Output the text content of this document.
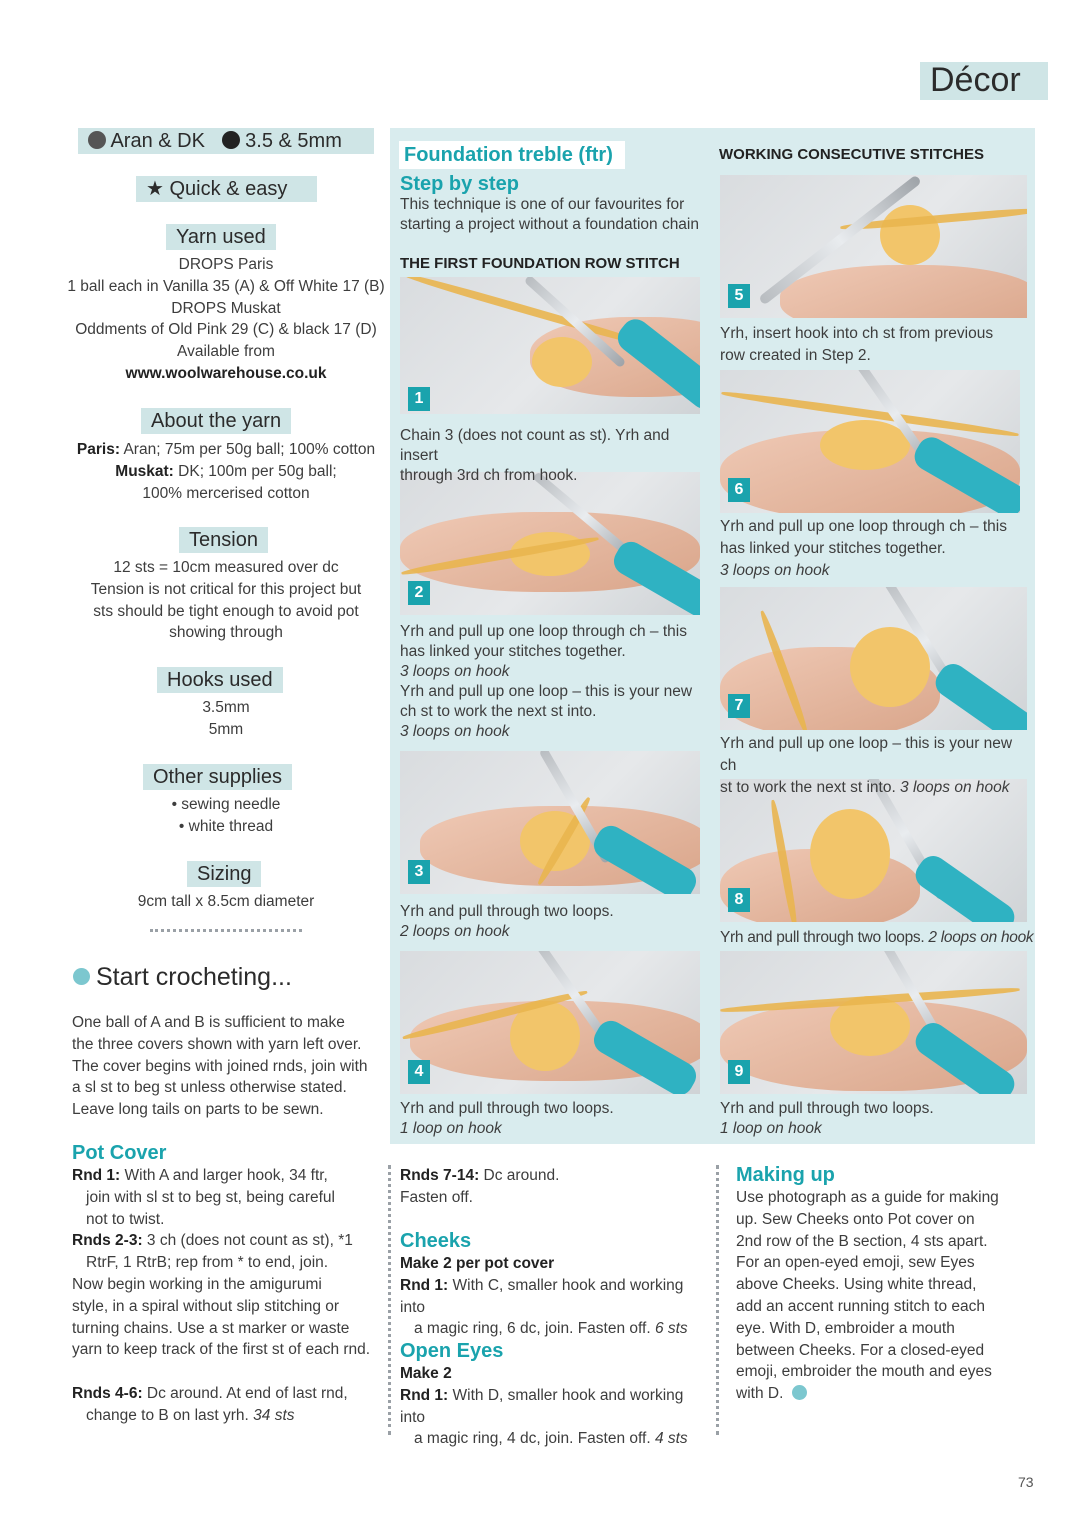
Décor
Aran & DK 3.5 & 5mm
★ Quick & easy
Yarn used
DROPS Paris
1 ball each in Vanilla 35 (A) & Off White 17 (B)
DROPS Muskat
Oddments of Old Pink 29 (C) & black 17 (D)
Available from
www.woolwarehouse.co.uk
About the yarn
Paris: Aran; 75m per 50g ball; 100% cotton
Muskat: DK; 100m per 50g ball;
100% mercerised cotton
Tension
12 sts = 10cm measured over dc
Tension is not critical for this project but
sts should be tight enough to avoid pot
showing through
Hooks used
3.5mm
5mm
Other supplies
• sewing needle
• white thread
Sizing
9cm tall x 8.5cm diameter
Start crocheting...
One ball of A and B is sufficient to make
the three covers shown with yarn left over.
The cover begins with joined rnds, join with
a sl st to beg st unless otherwise stated.
Leave long tails on parts to be sewn.
Pot Cover
Rnd 1: With A and larger hook, 34 ftr,
join with sl st to beg st, being careful
not to twist.
Rnds 2-3: 3 ch (does not count as st), *1
RtrF, 1 RtrB; rep from * to end, join.
Now begin working in the amigurumi
style, in a spiral without slip stitching or
turning chains. Use a st marker or waste
yarn to keep track of the first st of each rnd.
Rnds 4-6: Dc around. At end of last rnd,
change to B on last yrh. 34 sts
Foundation treble (ftr)
Step by step
This technique is one of our favourites for
starting a project without a foundation chain
THE FIRST FOUNDATION ROW STITCH
WORKING CONSECUTIVE STITCHES
1
2
3
4
5
6
7
8
9
Chain 3 (does not count as st). Yrh and insert
through 3rd ch from hook.
Yrh and pull up one loop through ch – this
has linked your stitches together.
3 loops on hook
Yrh and pull up one loop – this is your new
ch st to work the next st into.
3 loops on hook
Yrh and pull through two loops.
2 loops on hook
Yrh and pull through two loops.
1 loop on hook
Yrh, insert hook into ch st from previous
row created in Step 2.
Yrh and pull up one loop through ch – this
has linked your stitches together.
3 loops on hook
Yrh and pull up one loop – this is your new ch
st to work the next st into. 3 loops on hook
Yrh and pull through two loops. 2 loops on hook
Yrh and pull through two loops.
1 loop on hook
Rnds 7-14: Dc around.
Fasten off.
Cheeks
Make 2 per pot cover
Rnd 1: With C, smaller hook and working into
a magic ring, 6 dc, join. Fasten off. 6 sts
Open Eyes
Make 2
Rnd 1: With D, smaller hook and working into
a magic ring, 4 dc, join. Fasten off. 4 sts
Making up
Use photograph as a guide for making
up. Sew Cheeks onto Pot cover on
2nd row of the B section, 4 sts apart.
For an open-eyed emoji, sew Eyes
above Cheeks. Using white thread,
add an accent running stitch to each
eye. With D, embroider a mouth
between Cheeks. For a closed-eyed
emoji, embroider the mouth and eyes
with D.
73
